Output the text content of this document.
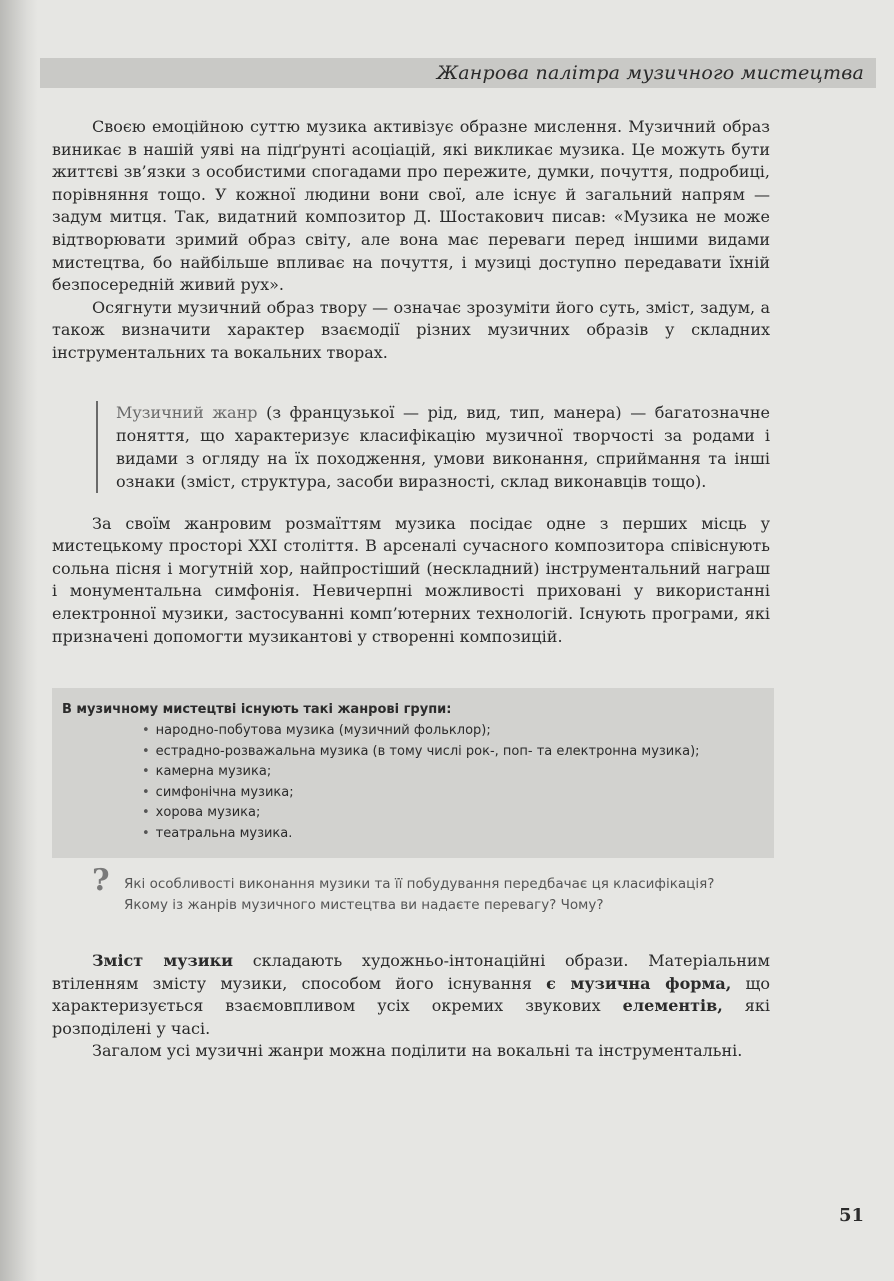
Жанрова палітра музичного мистецтва

Своєю емоційною суттю музика активізує образне мислення. Музичний образ виникає в нашій уяві на підґрунті асоціацій, які викликає музика. Це можуть бути життєві зв’язки з особистими спогадами про пережите, думки, почуття, подробиці, порівняння тощо. У кожної людини вони свої, але існує й загальний напрям — задум митця. Так, видатний композитор Д. Шостакович писав: «Музика не може відтворювати зримий образ світу, але вона має переваги перед іншими видами мистецтва, бо найбільше впливає на почуття, і музиці доступно передавати їхній безпосередній живий рух».

Осягнути музичний образ твору — означає зрозуміти його суть, зміст, задум, а також визначити характер взаємодії різних музичних образів у складних інструментальних та вокальних творах.

Музичний жанр (з французької — рід, вид, тип, манера) — багатозначне поняття, що характеризує класифікацію музичної творчості за родами і видами з огляду на їх походження, умови виконання, сприймання та інші ознаки (зміст, структура, засоби виразності, склад виконавців тощо).

За своїм жанровим розмаїттям музика посідає одне з перших місць у мистецькому просторі XXI століття. В арсеналі сучасного композитора співіснують сольна пісня і могутній хор, найпростіший (нескладний) інструментальний награш і монументальна симфонія. Невичерпні можливості приховані у використанні електронної музики, застосуванні комп’ютерних технологій. Існують програми, які призначені допомогти музикантові у створенні композицій.

В музичному мистецтві існують такі жанрові групи:
• народно-побутова музика (музичний фольклор);
• естрадно-розважальна музика (в тому числі рок-, поп- та електронна музика);
• камерна музика;
• симфонічна музика;
• хорова музика;
• театральна музика.
? Які особливості виконання музики та її побудування передбачає ця класифікація?
Якому із жанрів музичного мистецтва ви надаєте перевагу? Чому?

Зміст музики складають художньо-інтонаційні образи. Матеріальним втіленням змісту музики, способом його існування є музична форма, що характеризується взаємовпливом усіх окремих звукових елементів, які розподілені у часі.

Загалом усі музичні жанри можна поділити на вокальні та інструментальні.

51
